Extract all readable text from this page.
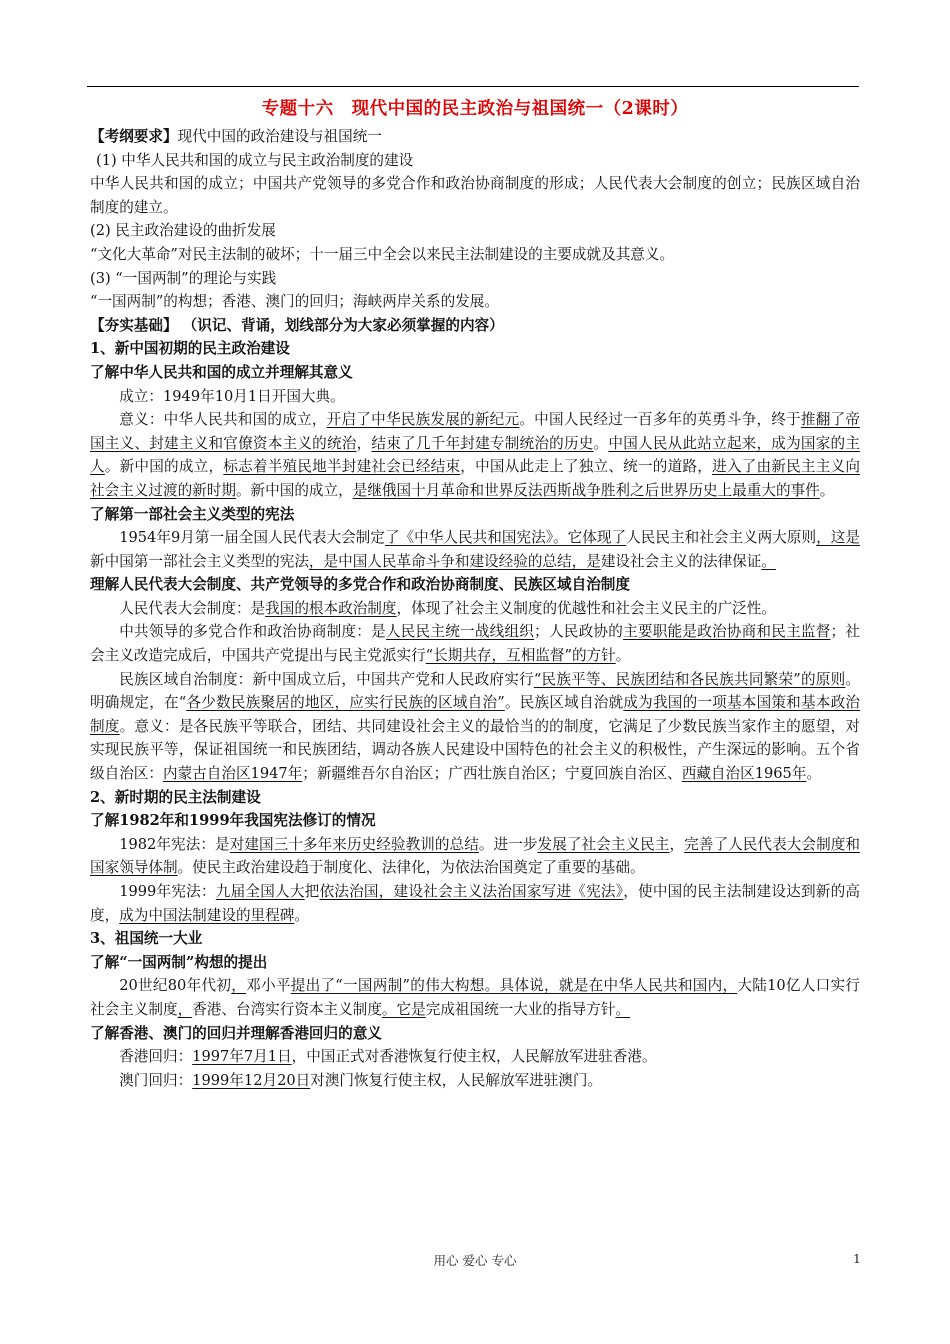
专题十六　现代中国的民主政治与祖国统一（2课时）

【考纲要求】现代中国的政治建设与祖国统一

(1) 中华人民共和国的成立与民主政治制度的建设

中华人民共和国的成立；中国共产党领导的多党合作和政治协商制度的形成；人民代表大会制度的创立；民族区域自治制度的建立。

(2) 民主政治建设的曲折发展

“文化大革命”对民主法制的破坏；十一届三中全会以来民主法制建设的主要成就及其意义。

(3) “一国两制”的理论与实践

“一国两制”的构想；香港、澳门的回归；海峡两岸关系的发展。

【夯实基础】 （识记、背诵，划线部分为大家必须掌握的内容）

1、新中国初期的民主政治建设

了解中华人民共和国的成立并理解其意义

成立：1949年10月1日开国大典。

意义：中华人民共和国的成立，开启了中华民族发展的新纪元。中国人民经过一百多年的英勇斗争，终于推翻了帝国主义、封建主义和官僚资本主义的统治，结束了几千年封建专制统治的历史。中国人民从此站立起来，成为国家的主人。新中国的成立，标志着半殖民地半封建社会已经结束，中国从此走上了独立、统一的道路，进入了由新民主主义向社会主义过渡的新时期。新中国的成立，是继俄国十月革命和世界反法西斯战争胜利之后世界历史上最重大的事件。

了解第一部社会主义类型的宪法

1954年9月第一届全国人民代表大会制定了《中华人民共和国宪法》。它体现了人民民主和社会主义两大原则，这是新中国第一部社会主义类型的宪法，是中国人民革命斗争和建设经验的总结，是建设社会主义的法律保证。

理解人民代表大会制度、共产党领导的多党合作和政治协商制度、民族区域自治制度

人民代表大会制度：是我国的根本政治制度，体现了社会主义制度的优越性和社会主义民主的广泛性。

中共领导的多党合作和政治协商制度：是人民民主统一战线组织；人民政协的主要职能是政治协商和民主监督；社会主义改造完成后，中国共产党提出与民主党派实行“长期共存，互相监督”的方针。

民族区域自治制度：新中国成立后，中国共产党和人民政府实行“民族平等、民族团结和各民族共同繁荣”的原则。明确规定，在“各少数民族聚居的地区，应实行民族的区域自治”。民族区域自治就成为我国的一项基本国策和基本政治制度。意义：是各民族平等联合，团结、共同建设社会主义的最恰当的的制度，它满足了少数民族当家作主的愿望，对实现民族平等，保证祖国统一和民族团结，调动各族人民建设中国特色的社会主义的积极性，产生深远的影响。五个省级自治区：内蒙古自治区1947年；新疆维吾尔自治区；广西壮族自治区；宁夏回族自治区、西藏自治区1965年。

2、新时期的民主法制建设

了解1982年和1999年我国宪法修订的情况

1982年宪法：是对建国三十多年来历史经验教训的总结。进一步发展了社会主义民主，完善了人民代表大会制度和国家领导体制。使民主政治建设趋于制度化、法律化，为依法治国奠定了重要的基础。

1999年宪法：九届全国人大把依法治国，建设社会主义法治国家写进《宪法》，使中国的民主法制建设达到新的高度，成为中国法制建设的里程碑。

3、祖国统一大业

了解“一国两制”构想的提出

20世纪80年代初，邓小平提出了“一国两制”的伟大构想。具体说，就是在中华人民共和国内，大陆10亿人口实行社会主义制度，香港、台湾实行资本主义制度。它是完成祖国统一大业的指导方针。

了解香港、澳门的回归并理解香港回归的意义

香港回归：1997年7月1日，中国正式对香港恢复行使主权，人民解放军进驻香港。

澳门回归：1999年12月20日对澳门恢复行使主权，人民解放军进驻澳门。

用心 爱心 专心	1
